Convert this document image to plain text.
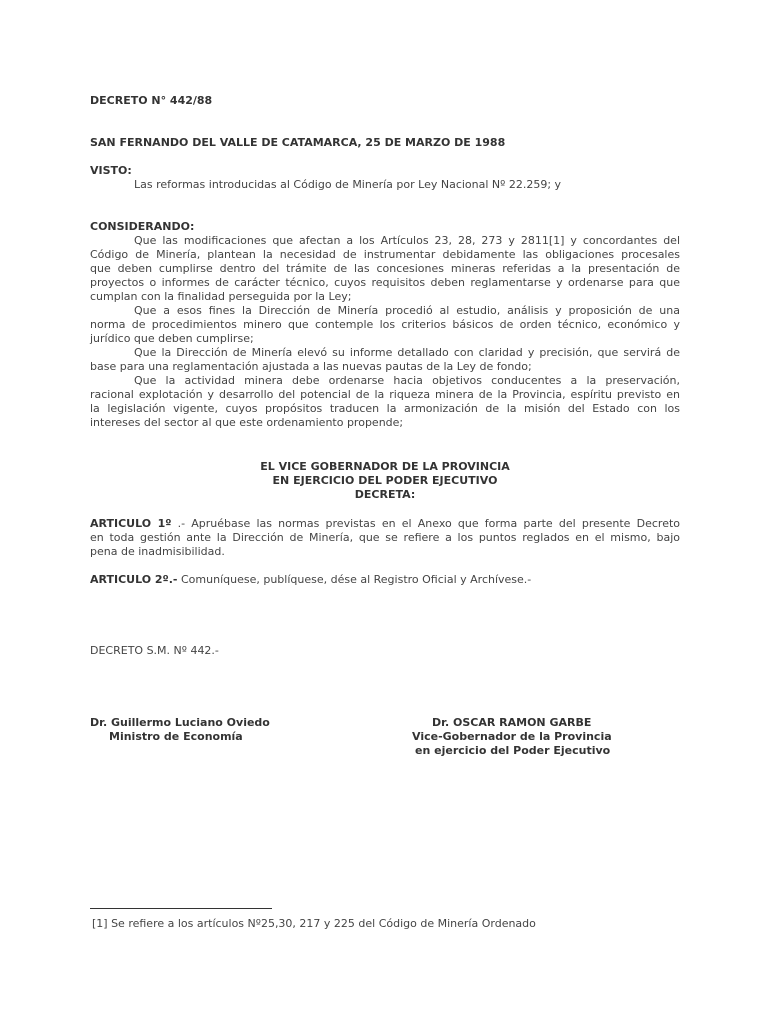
DECRETO N° 442/88
SAN FERNANDO DEL VALLE DE CATAMARCA, 25 DE MARZO DE 1988
VISTO:
Las reformas introducidas al Código de Minería por Ley Nacional Nº 22.259; y
CONSIDERANDO:
Que las modificaciones que afectan a los Artículos 23, 28, 273 y 2811[1] y concordantes del
Código de Minería, plantean la necesidad de instrumentar debidamente las obligaciones procesales
que deben cumplirse dentro del trámite de las concesiones mineras referidas a la presentación de
proyectos o informes de carácter técnico, cuyos requisitos deben reglamentarse y ordenarse para que
cumplan con la finalidad perseguida por la Ley;
Que a esos fines la Dirección de Minería procedió al estudio, análisis y proposición de una
norma de procedimientos minero que contemple los criterios básicos de orden técnico, económico y
jurídico que deben cumplirse;
Que la Dirección de Minería elevó su informe detallado con claridad y precisión, que servirá de
base para una reglamentación ajustada a las nuevas pautas de la Ley de fondo;
Que la actividad minera debe ordenarse hacia objetivos conducentes a la preservación,
racional explotación y desarrollo del potencial de la riqueza minera de la Provincia, espíritu previsto en
la legislación vigente, cuyos propósitos traducen la armonización de la misión del Estado con los
intereses del sector al que este ordenamiento propende;
EL VICE GOBERNADOR DE LA PROVINCIA
EN EJERCICIO DEL PODER EJECUTIVO
DECRETA:
ARTICULO 1º .- Apruébase las normas previstas en el Anexo que forma parte del presente Decreto
en toda gestión ante la Dirección de Minería, que se refiere a los puntos reglados en el mismo, bajo
pena de inadmisibilidad.
ARTICULO 2º.- Comuníquese, publíquese, dése al Registro Oficial y Archívese.-
DECRETO S.M. Nº 442.-
Dr. Guillermo Luciano Oviedo
Ministro de Economía
Dr. OSCAR RAMON GARBE
Vice-Gobernador de la Provincia
en ejercicio del Poder Ejecutivo
[1] Se refiere a los artículos Nº25,30, 217 y 225 del Código de Minería Ordenado
